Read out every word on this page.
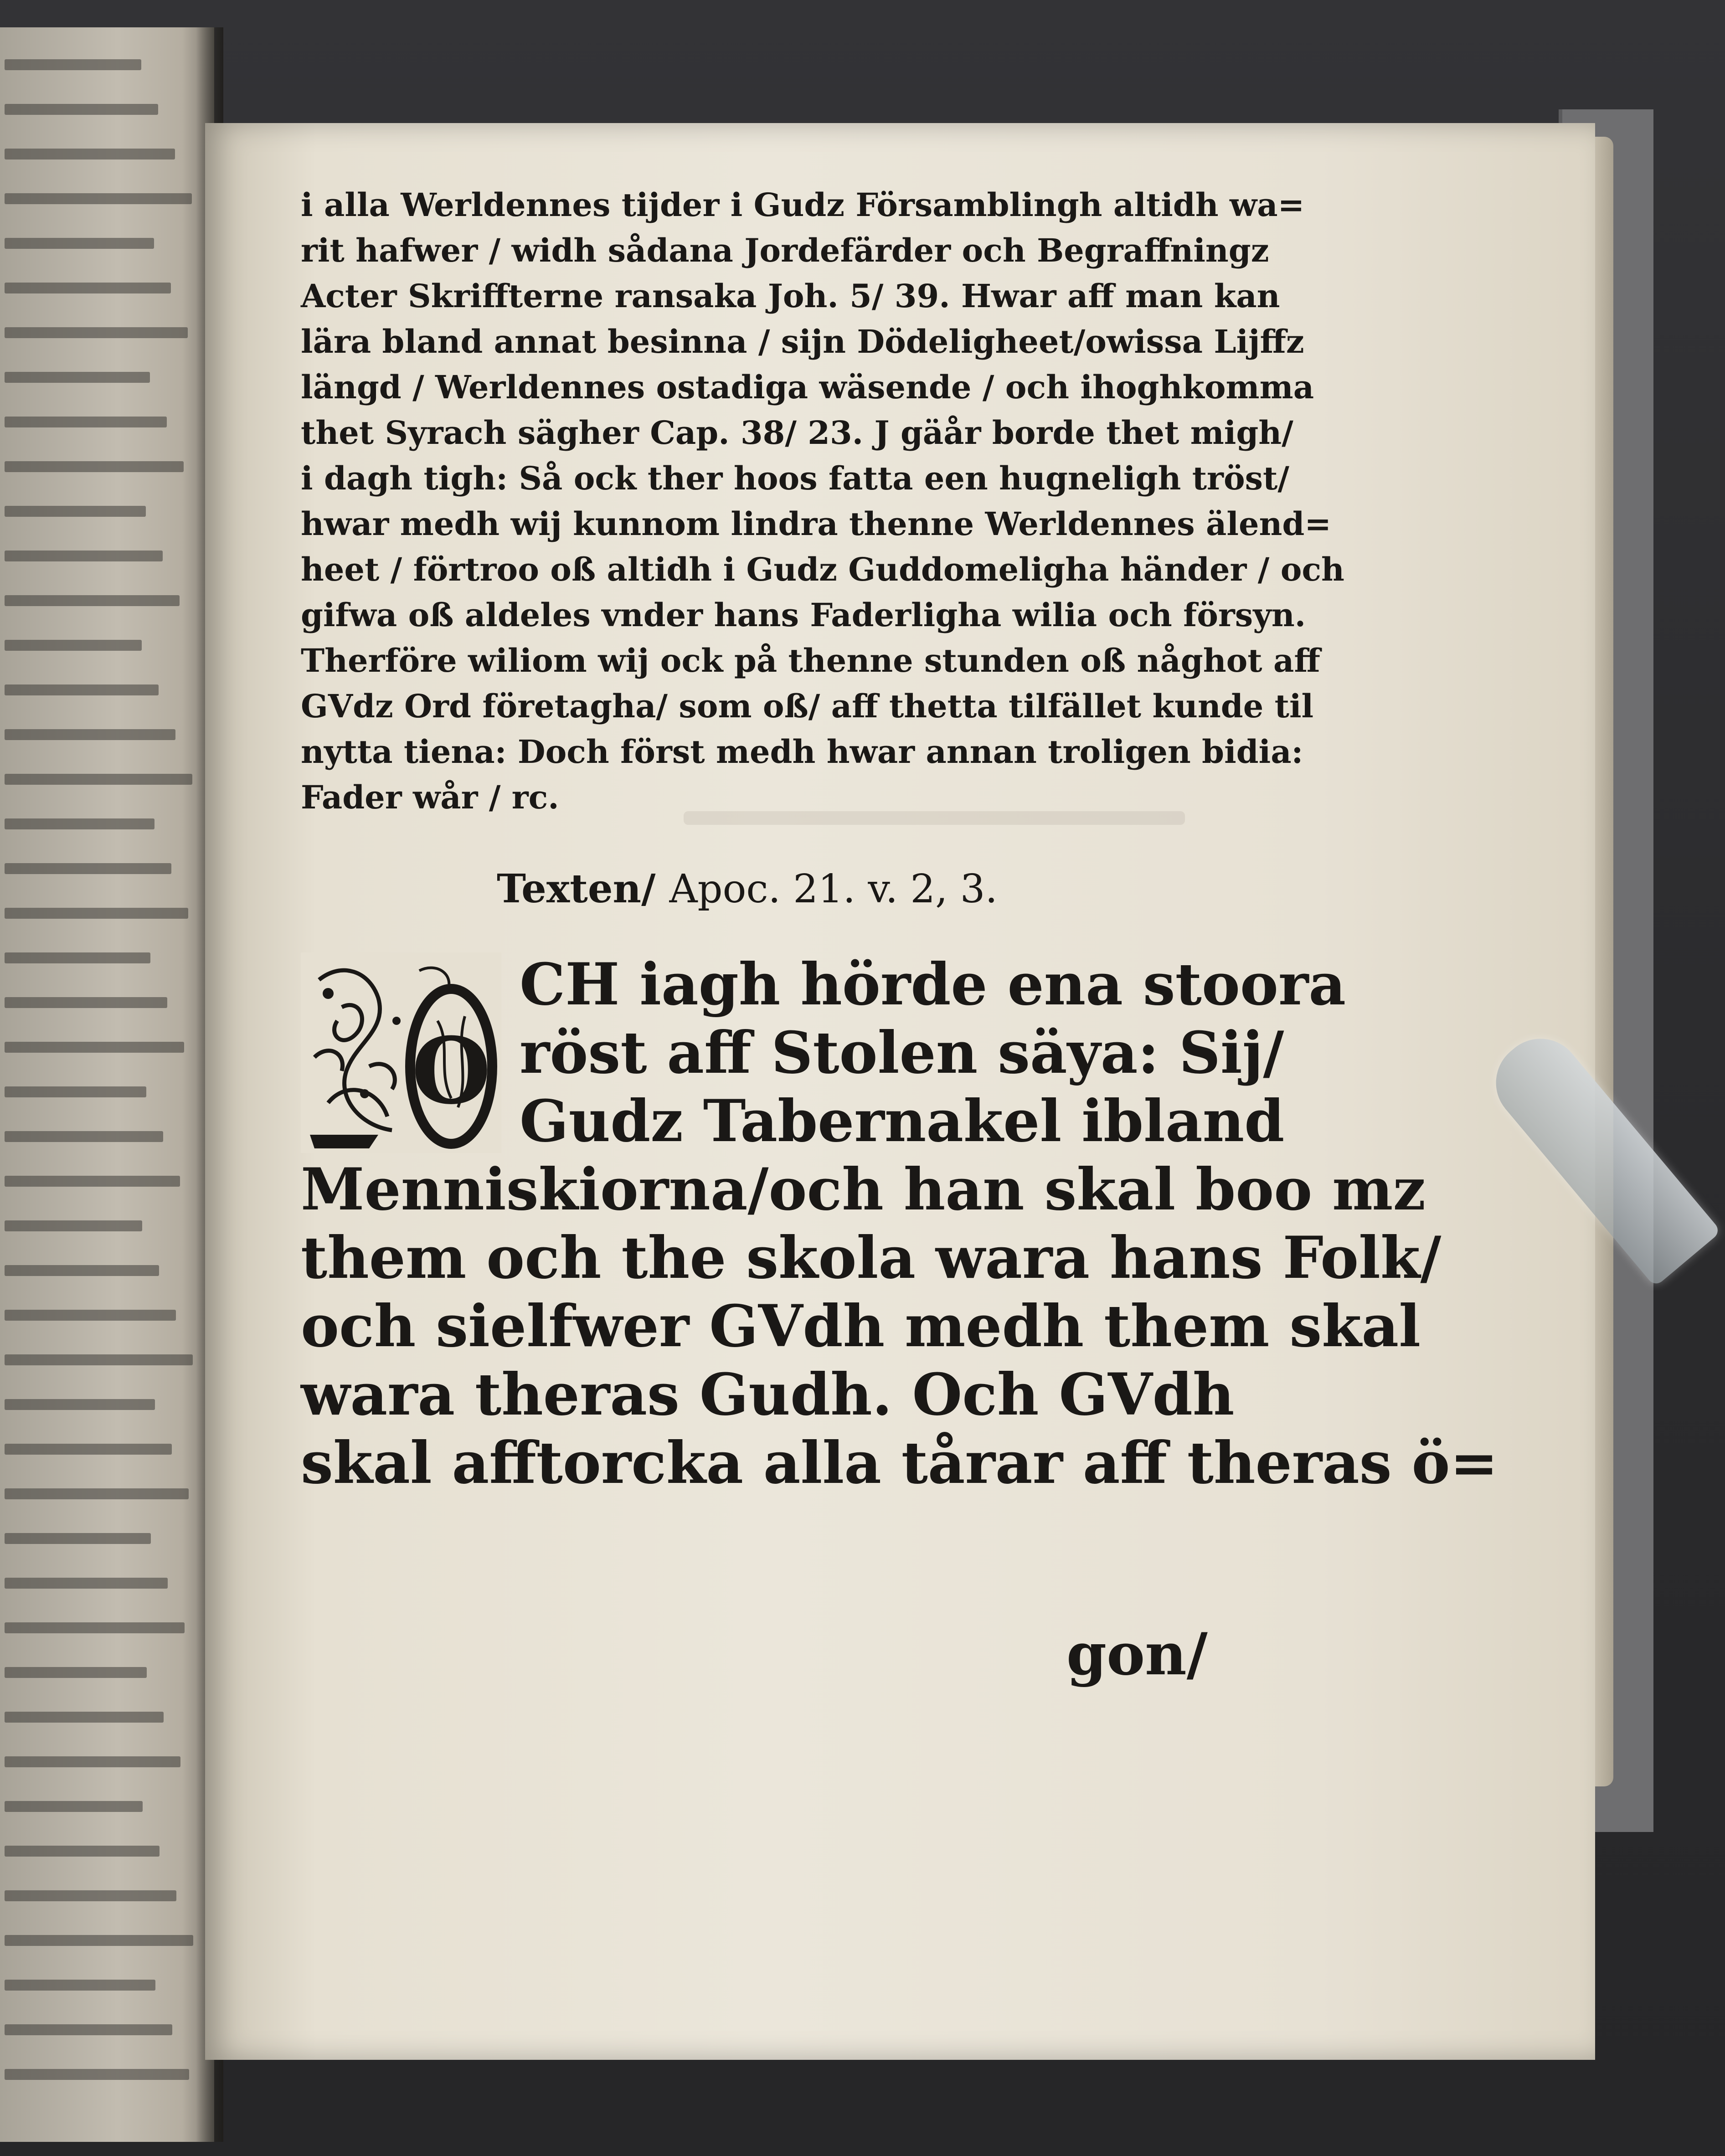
i alla Werldennes tijder i Gudz Församblingh altidh wa=
rit hafwer / widh sådana Jordefärder och Begraffningz
Acter Skriffterne ransaka Joh. 5/ 39. Hwar aff man kan
lära bland annat besinna / sijn Dödeligheet/owissa Lijffz
längd / Werldennes ostadiga wäsende / och ihoghkomma
thet Syrach sägher Cap. 38/ 23. J gäår borde thet migh/
i dagh tigh: Så ock ther hoos fatta een hugneligh tröst/
hwar medh wij kunnom lindra thenne Werldennes älend=
heet / förtroo oß altidh i Gudz Guddomeligha händer / och
gifwa oß aldeles vnder hans Faderligha wilia och försyn.
Therföre wiliom wij ock på thenne stunden oß någhot aff
GVdz Ord företagha/ som oß/ aff thetta tilfället kunde til
nytta tiena: Doch först medh hwar annan troligen bidia:
Fader wår / rc.
Texten/ Apoc. 21. v. 2, 3.
O
CH iagh hörde ena stoora
röst aff Stolen säya: Sij/
Gudz Tabernakel ibland
Menniskiorna/och han skal boo mz
them och the skola wara hans Folk/
och sielfwer GVdh medh them skal
wara theras Gudh. Och GVdh
skal afftorcka alla tårar aff theras ö=
gon/
